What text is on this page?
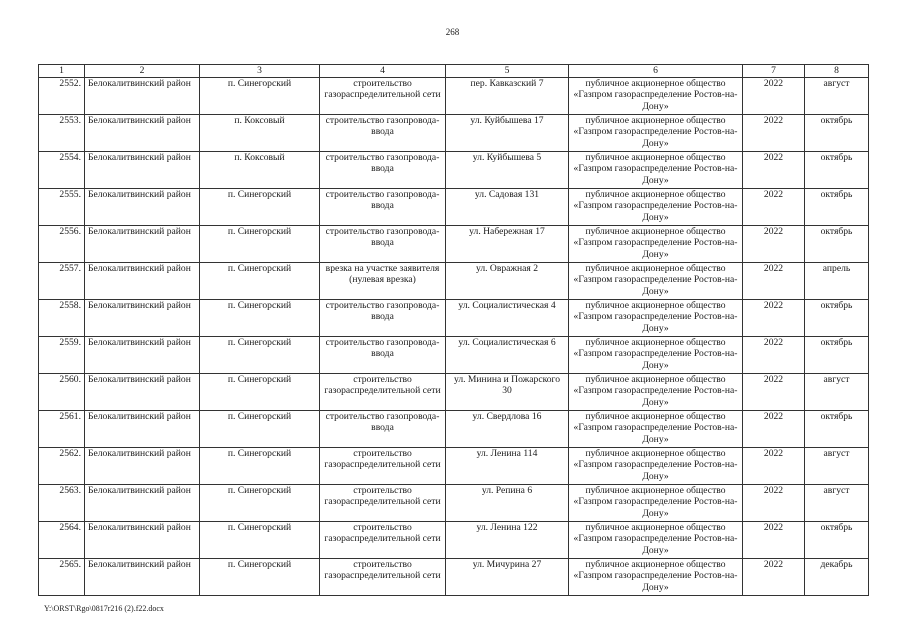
268
1	2	3	4	5	6	7	8
2552.	Белокалитвинский район	п. Синегорский	строительство газораспределительной сети	пер. Кавказский 7	публичное акционерное общество «Газпром газораспределение Ростов-на-Дону»	2022	август
2553.	Белокалитвинский район	п. Коксовый	строительство газопровода-ввода	ул. Куйбышева 17	публичное акционерное общество «Газпром газораспределение Ростов-на-Дону»	2022	октябрь
2554.	Белокалитвинский район	п. Коксовый	строительство газопровода-ввода	ул. Куйбышева 5	публичное акционерное общество «Газпром газораспределение Ростов-на-Дону»	2022	октябрь
2555.	Белокалитвинский район	п. Синегорский	строительство газопровода-ввода	ул. Садовая 131	публичное акционерное общество «Газпром газораспределение Ростов-на-Дону»	2022	октябрь
2556.	Белокалитвинский район	п. Синегорский	строительство газопровода-ввода	ул. Набережная 17	публичное акционерное общество «Газпром газораспределение Ростов-на-Дону»	2022	октябрь
2557.	Белокалитвинский район	п. Синегорский	врезка на участке заявителя (нулевая врезка)	ул. Овражная 2	публичное акционерное общество «Газпром газораспределение Ростов-на-Дону»	2022	апрель
2558.	Белокалитвинский район	п. Синегорский	строительство газопровода-ввода	ул. Социалистическая 4	публичное акционерное общество «Газпром газораспределение Ростов-на-Дону»	2022	октябрь
2559.	Белокалитвинский район	п. Синегорский	строительство газопровода-ввода	ул. Социалистическая 6	публичное акционерное общество «Газпром газораспределение Ростов-на-Дону»	2022	октябрь
2560.	Белокалитвинский район	п. Синегорский	строительство газораспределительной сети	ул. Минина и Пожарского 30	публичное акционерное общество «Газпром газораспределение Ростов-на-Дону»	2022	август
2561.	Белокалитвинский район	п. Синегорский	строительство газопровода-ввода	ул. Свердлова 16	публичное акционерное общество «Газпром газораспределение Ростов-на-Дону»	2022	октябрь
2562.	Белокалитвинский район	п. Синегорский	строительство газораспределительной сети	ул. Ленина 114	публичное акционерное общество «Газпром газораспределение Ростов-на-Дону»	2022	август
2563.	Белокалитвинский район	п. Синегорский	строительство газораспределительной сети	ул. Репина 6	публичное акционерное общество «Газпром газораспределение Ростов-на-Дону»	2022	август
2564.	Белокалитвинский район	п. Синегорский	строительство газораспределительной сети	ул. Ленина 122	публичное акционерное общество «Газпром газораспределение Ростов-на-Дону»	2022	октябрь
2565.	Белокалитвинский район	п. Синегорский	строительство газораспределительной сети	ул. Мичурина 27	публичное акционерное общество «Газпром газораспределение Ростов-на-Дону»	2022	декабрь
Y:\ORST\Rgo\0817r216 (2).f22.docx
